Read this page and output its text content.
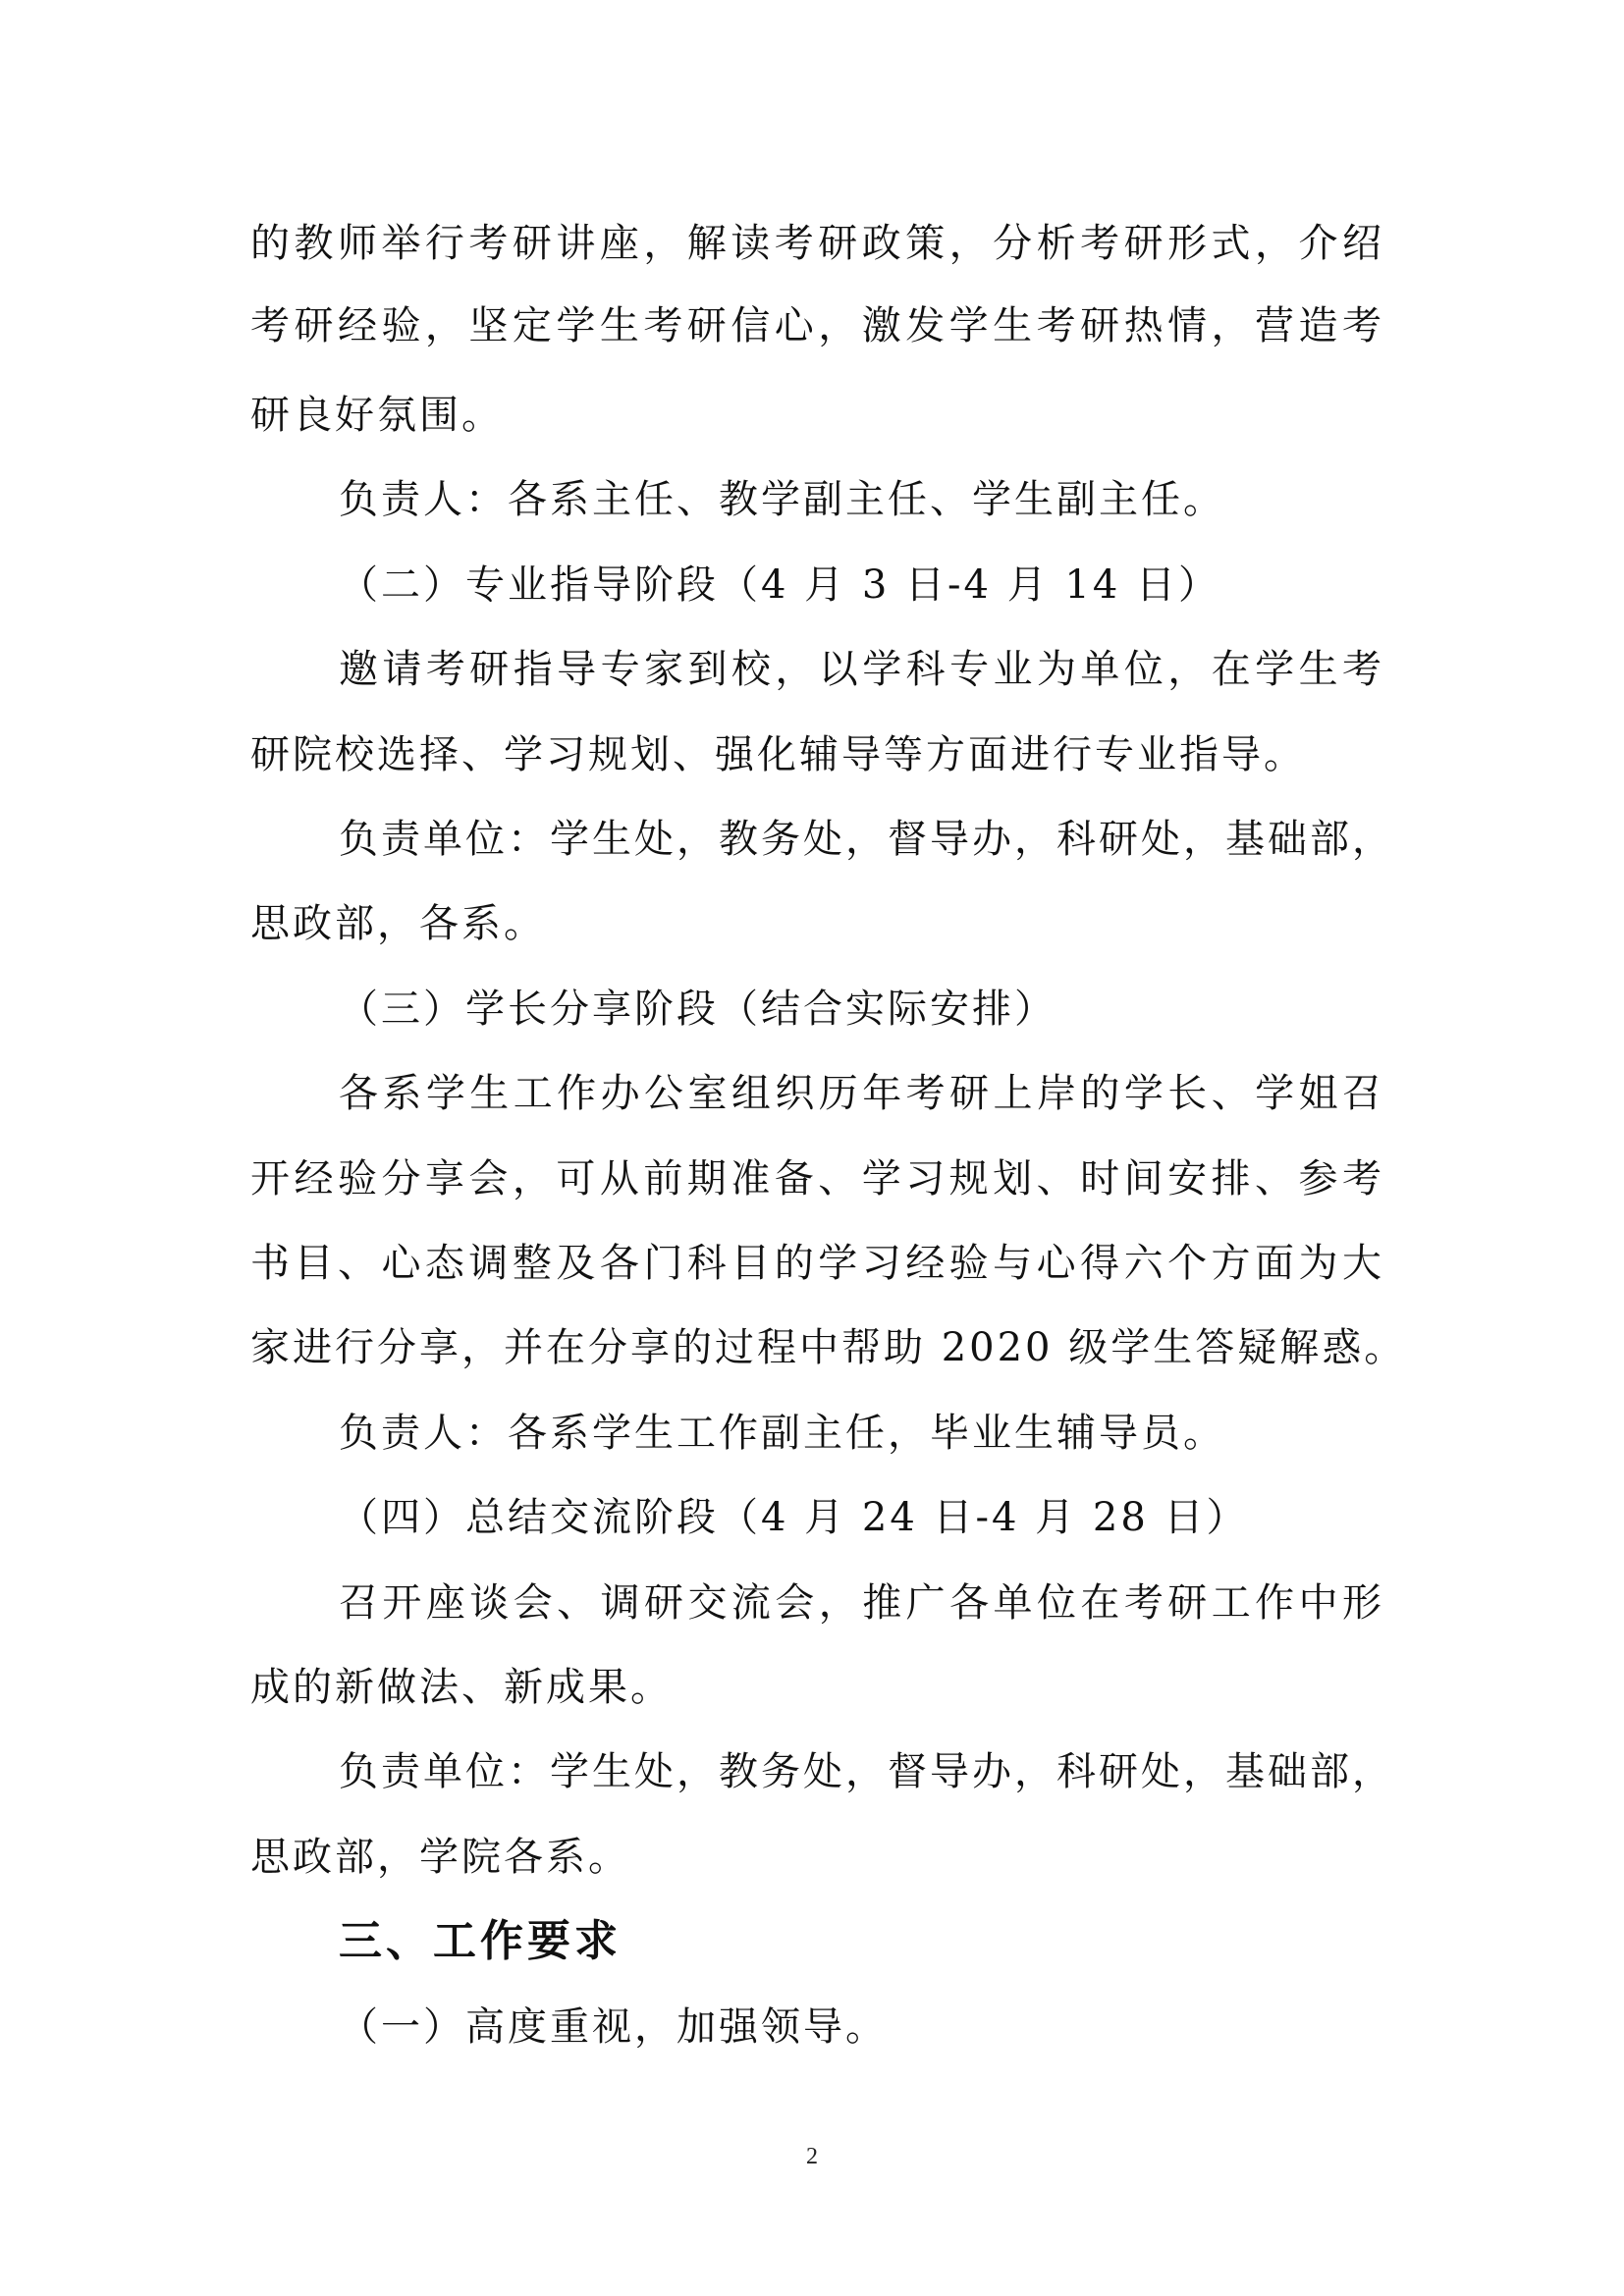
的教师举行考研讲座，解读考研政策，分析考研形式，介绍
考研经验，坚定学生考研信心，激发学生考研热情，营造考
研良好氛围。
负责人：各系主任、教学副主任、学生副主任。
（二）专业指导阶段（4 月 3 日-4 月 14 日）
邀请考研指导专家到校，以学科专业为单位，在学生考
研院校选择、学习规划、强化辅导等方面进行专业指导。
负责单位：学生处，教务处，督导办，科研处，基础部，
思政部，各系。
（三）学长分享阶段（结合实际安排）
各系学生工作办公室组织历年考研上岸的学长、学姐召
开经验分享会，可从前期准备、学习规划、时间安排、参考
书目、心态调整及各门科目的学习经验与心得六个方面为大
家进行分享，并在分享的过程中帮助 2020 级学生答疑解惑。
负责人：各系学生工作副主任，毕业生辅导员。
（四）总结交流阶段（4 月 24 日-4 月 28 日）
召开座谈会、调研交流会，推广各单位在考研工作中形
成的新做法、新成果。
负责单位：学生处，教务处，督导办，科研处，基础部，
思政部，学院各系。
三、工作要求
（一）高度重视，加强领导。
2
